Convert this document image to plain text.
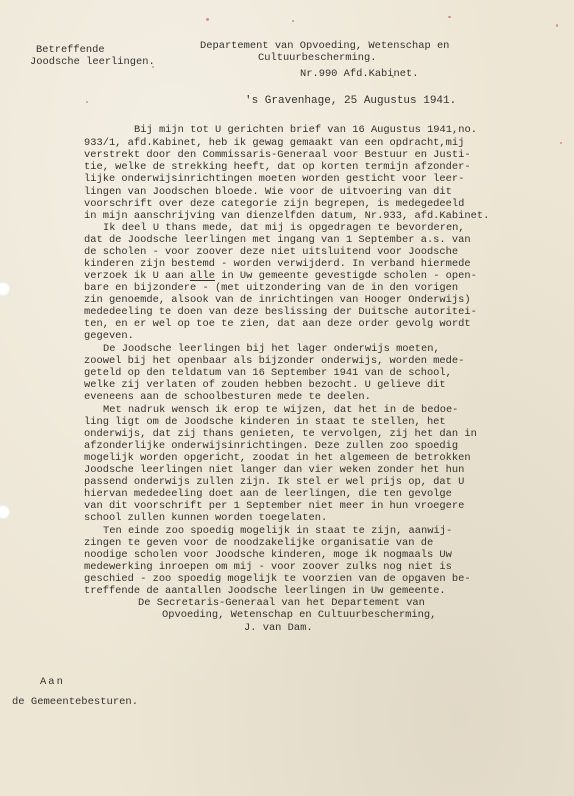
Betreffende
Joodsche leerlingen.
Departement van Opvoeding, Wetenschap en
Cultuurbescherming.
Nr.990 Afd.Kabinet.
's Gravenhage, 25 Augustus 1941.
Bij mijn tot U gerichten brief van 16 Augustus 1941,no.
933/1, afd.Kabinet, heb ik gewag gemaakt van een opdracht,mij
verstrekt door den Commissaris-Generaal voor Bestuur en Justi-
tie, welke de strekking heeft, dat op korten termijn afzonder-
lijke onderwijsinrichtingen moeten worden gesticht voor leer-
lingen van Joodschen bloede. Wie voor de uitvoering van dit
voorschrift over deze categorie zijn begrepen, is medegedeeld
in mijn aanschrijving van dienzelfden datum, Nr.933, afd.Kabinet.
Ik deel U thans mede, dat mij is opgedragen te bevorderen,
dat de Joodsche leerlingen met ingang van 1 September a.s. van
de scholen - voor zoover deze niet uitsluitend voor Joodsche
kinderen zijn bestemd - worden verwijderd. In verband hiermede
verzoek ik U aan alle in Uw gemeente gevestigde scholen - open-
bare en bijzondere - (met uitzondering van de in den vorigen
zin genoemde, alsook van de inrichtingen van Hooger Onderwijs)
mededeeling te doen van deze beslissing der Duitsche autoritei-
ten, en er wel op toe te zien, dat aan deze order gevolg wordt
gegeven.
De Joodsche leerlingen bij het lager onderwijs moeten,
zoowel bij het openbaar als bijzonder onderwijs, worden mede-
geteld op den teldatum van 16 September 1941 van de school,
welke zij verlaten of zouden hebben bezocht. U gelieve dit
eveneens aan de schoolbesturen mede te deelen.
Met nadruk wensch ik erop te wijzen, dat het in de bedoe-
ling ligt om de Joodsche kinderen in staat te stellen, het
onderwijs, dat zij thans genieten, te vervolgen, zij het dan in
afzonderlijke onderwijsinrichtingen. Deze zullen zoo spoedig
mogelijk worden opgericht, zoodat in het algemeen de betrokken
Joodsche leerlingen niet langer dan vier weken zonder het hun
passend onderwijs zullen zijn. Ik stel er wel prijs op, dat U
hiervan mededeeling doet aan de leerlingen, die ten gevolge
van dit voorschrift per 1 September niet meer in hun vroegere
school zullen kunnen worden toegelaten.
Ten einde zoo spoedig mogelijk in staat te zijn, aanwij-
zingen te geven voor de noodzakelijke organisatie van de
noodige scholen voor Joodsche kinderen, moge ik nogmaals Uw
medewerking inroepen om mij - voor zoover zulks nog niet is
geschied - zoo spoedig mogelijk te voorzien van de opgaven be-
treffende de aantallen Joodsche leerlingen in Uw gemeente.
De Secretaris-Generaal van het Departement van
Opvoeding, Wetenschap en Cultuurbescherming,
J. van Dam.
Aan
de Gemeentebesturen.
